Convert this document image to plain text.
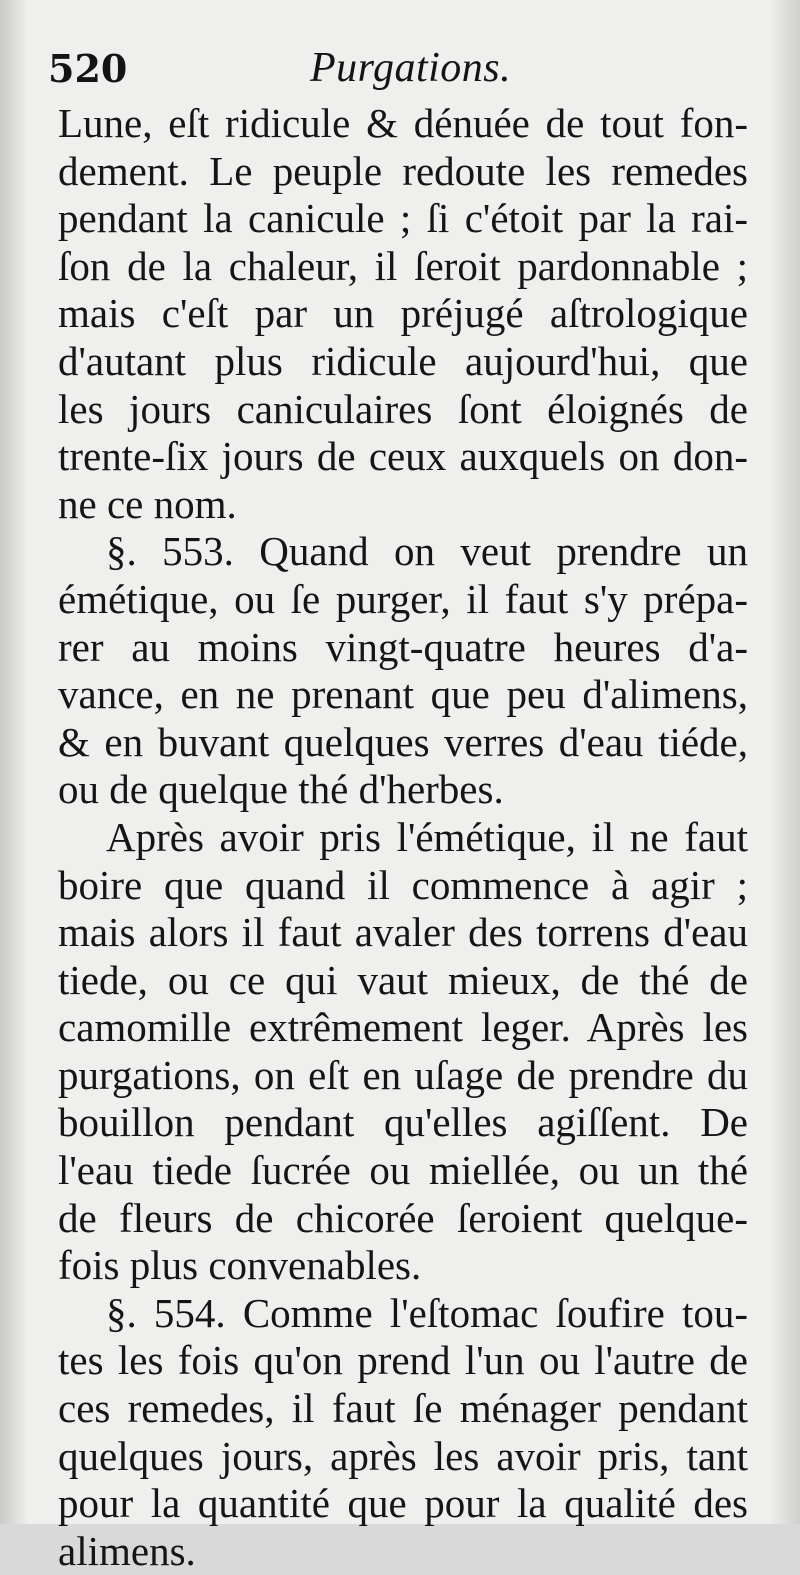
520	Purgations.
Lune, eſt ridicule & dénuée de tout fon-
dement. Le peuple redoute les remedes
pendant la canicule ; ſi c'étoit par la rai-
ſon de la chaleur, il ſeroit pardonnable ;
mais c'eſt par un préjugé aſtrologique
d'autant plus ridicule aujourd'hui, que
les jours caniculaires ſont éloignés de
trente-ſix jours de ceux auxquels on don-
ne ce nom.
§. 553. Quand on veut prendre un
émétique, ou ſe purger, il faut s'y prépa-
rer au moins vingt-quatre heures d'a-
vance, en ne prenant que peu d'alimens,
& en buvant quelques verres d'eau tiéde,
ou de quelque thé d'herbes.
Après avoir pris l'émétique, il ne faut
boire que quand il commence à agir ;
mais alors il faut avaler des torrens d'eau
tiede, ou ce qui vaut mieux, de thé de
camomille extrêmement leger. Après les
purgations, on eſt en uſage de prendre du
bouillon pendant qu'elles agiſſent. De
l'eau tiede ſucrée ou miellée, ou un thé
de fleurs de chicorée ſeroient quelque-
fois plus convenables.
§. 554. Comme l'eſtomac ſoufire tou-
tes les fois qu'on prend l'un ou l'autre de
ces remedes, il faut ſe ménager pendant
quelques jours, après les avoir pris, tant
pour la quantité que pour la qualité des
alimens.
